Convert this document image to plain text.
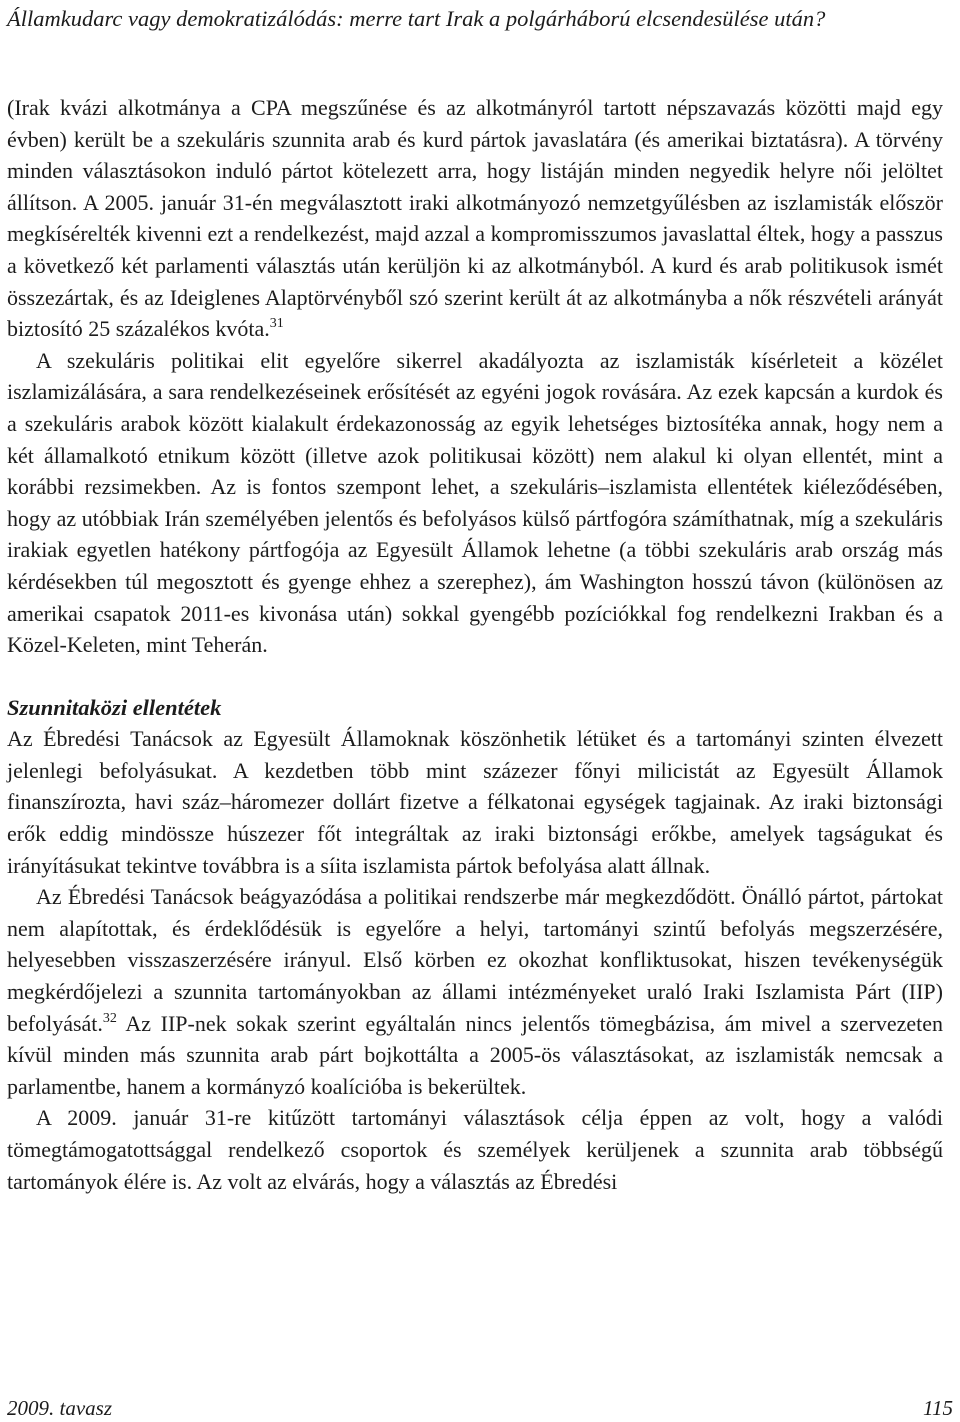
Államkudarc vagy demokratizálódás: merre tart Irak a polgárháború elcsendesülése után?

(Irak kvázi alkotmánya a CPA megszűnése és az alkotmányról tartott népszavazás közötti majd egy évben) került be a szekuláris szunnita arab és kurd pártok javaslatára (és amerikai biztatásra). A törvény minden választásokon induló pártot kötelezett arra, hogy listáján minden negyedik helyre női jelöltet állítson. A 2005. január 31-én megválasztott iraki alkotmányozó nemzetgyűlésben az iszlamisták először megkísérelték kivenni ezt a rendelkezést, majd azzal a kompromisszumos javaslattal éltek, hogy a passzus a következő két parlamenti választás után kerüljön ki az alkotmányból. A kurd és arab politikusok ismét összezártak, és az Ideiglenes Alaptörvényből szó szerint került át az alkotmányba a nők részvételi arányát biztosító 25 százalékos kvóta.$^{31}$

A szekuláris politikai elit egyelőre sikerrel akadályozta az iszlamisták kísérleteit a közélet iszlamizálására, a sara rendelkezéseinek erősítését az egyéni jogok rovására. Az ezek kapcsán a kurdok és a szekuláris arabok között kialakult érdekazonosság az egyik lehetséges biztosítéka annak, hogy nem a két államalkotó etnikum között (illetve azok politikusai között) nem alakul ki olyan ellentét, mint a korábbi rezsimekben. Az is fontos szempont lehet, a szekuláris–iszlamista ellentétek kiéleződésében, hogy az utóbbiak Irán személyében jelentős és befolyásos külső pártfogóra számíthatnak, míg a szekuláris irakiak egyetlen hatékony pártfogója az Egyesült Államok lehetne (a többi szekuláris arab ország más kérdésekben túl megosztott és gyenge ehhez a szerephez), ám Washington hosszú távon (különösen az amerikai csapatok 2011-es kivonása után) sokkal gyengébb pozíciókkal fog rendelkezni Irakban és a Közel-Keleten, mint Teherán.

Szunnitaközi ellentétek

Az Ébredési Tanácsok az Egyesült Államoknak köszönhetik létüket és a tartományi szinten élvezett jelenlegi befolyásukat. A kezdetben több mint százezer főnyi milicistát az Egyesült Államok finanszírozta, havi száz–háromezer dollárt fizetve a félkatonai egységek tagjainak. Az iraki biztonsági erők eddig mindössze húszezer főt integráltak az iraki biztonsági erőkbe, amelyek tagságukat és irányításukat tekintve továbbra is a síita iszlamista pártok befolyása alatt állnak.

Az Ébredési Tanácsok beágyazódása a politikai rendszerbe már megkezdődött. Önálló pártot, pártokat nem alapítottak, és érdeklődésük is egyelőre a helyi, tartományi szintű befolyás megszerzésére, helyesebben visszaszerzésére irányul. Első körben ez okozhat konfliktusokat, hiszen tevékenységük megkérdőjelezi a szunnita tartományokban az állami intézményeket uraló Iraki Iszlamista Párt (IIP) befolyását.$^{32}$ Az IIP-nek sokak szerint egyáltalán nincs jelentős tömegbázisa, ám mivel a szervezeten kívül minden más szunnita arab párt bojkottálta a 2005-ös választásokat, az iszlamisták nemcsak a parlamentbe, hanem a kormányzó koalícióba is bekerültek.

A 2009. január 31-re kitűzött tartományi választások célja éppen az volt, hogy a valódi tömegtámogatottsággal rendelkező csoportok és személyek kerüljenek a szunnita arab többségű tartományok élére is. Az volt az elvárás, hogy a választás az Ébredési

2009. tavasz	115
